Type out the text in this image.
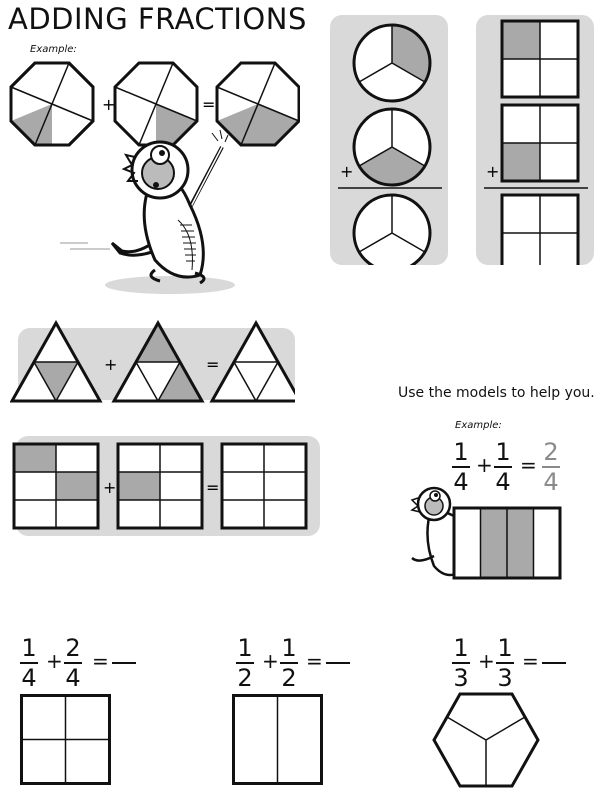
ADDING FRACTIONS
Example:
+	=
+	+
+	=
+	=
Use the models to help you.
Example:
1
4
+ 1
4
= 2
4
1
4
+ 2
4
=	1
2
+ 1
2
=	1
3
+ 1
3
=
